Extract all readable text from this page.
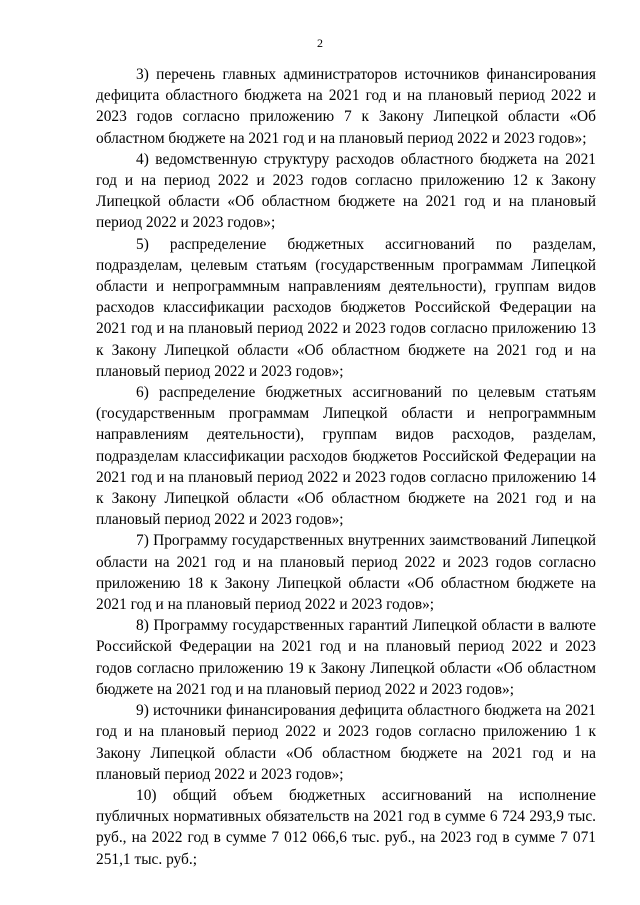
2

3) перечень главных администраторов источников финансирования дефицита областного бюджета на 2021 год и на плановый период 2022 и 2023 годов согласно приложению 7 к Закону Липецкой области «Об областном бюджете на 2021 год и на плановый период 2022 и 2023 годов»;

4) ведомственную структуру расходов областного бюджета на 2021 год и на период 2022 и 2023 годов согласно приложению 12 к Закону Липецкой области «Об областном бюджете на 2021 год и на плановый период 2022 и 2023 годов»;

5) распределение бюджетных ассигнований по разделам, подразделам, целевым статьям (государственным программам Липецкой области и непрограммным направлениям деятельности), группам видов расходов классификации расходов бюджетов Российской Федерации на 2021 год и на плановый период 2022 и 2023 годов согласно приложению 13 к Закону Липецкой области «Об областном бюджете на 2021 год и на плановый период 2022 и 2023 годов»;

6) распределение бюджетных ассигнований по целевым статьям (государственным программам Липецкой области и непрограммным направлениям деятельности), группам видов расходов, разделам, подразделам классификации расходов бюджетов Российской Федерации на 2021 год и на плановый период 2022 и 2023 годов согласно приложению 14 к Закону Липецкой области «Об областном бюджете на 2021 год и на плановый период 2022 и 2023 годов»;

7) Программу государственных внутренних заимствований Липецкой области на 2021 год и на плановый период 2022 и 2023 годов согласно приложению 18 к Закону Липецкой области «Об областном бюджете на 2021 год и на плановый период 2022 и 2023 годов»;

8) Программу государственных гарантий Липецкой области в валюте Российской Федерации на 2021 год и на плановый период 2022 и 2023 годов согласно приложению 19 к Закону Липецкой области «Об областном бюджете на 2021 год и на плановый период 2022 и 2023 годов»;

9) источники финансирования дефицита областного бюджета на 2021 год и на плановый период 2022 и 2023 годов согласно приложению 1 к Закону Липецкой области «Об областном бюджете на 2021 год и на плановый период 2022 и 2023 годов»;

10) общий объем бюджетных ассигнований на исполнение публичных нормативных обязательств на 2021 год в сумме 6 724 293,9 тыс. руб., на 2022 год в сумме 7 012 066,6 тыс. руб., на 2023 год в сумме 7 071 251,1 тыс. руб.;
